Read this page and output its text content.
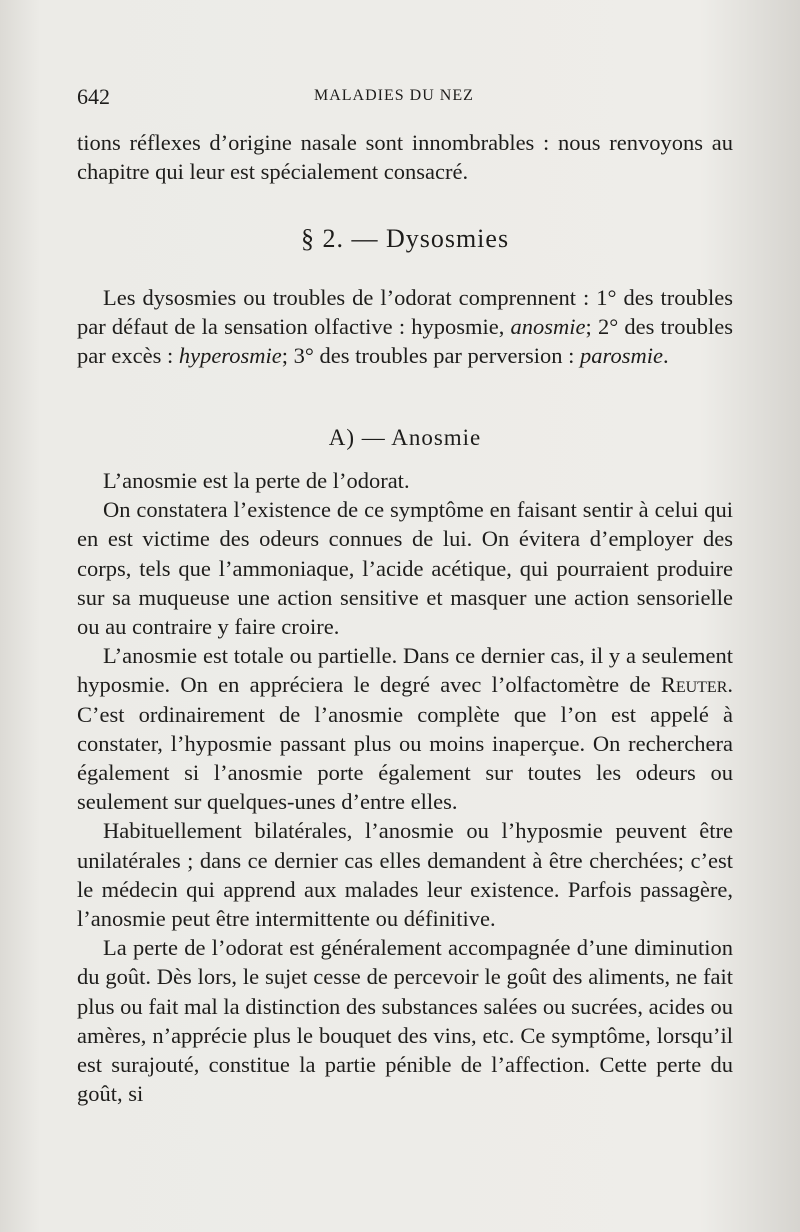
642	MALADIES DU NEZ

tions réflexes d’origine nasale sont innombrables : nous renvoyons au chapitre qui leur est spécialement consacré.

§ 2. — Dysosmies

Les dysosmies ou troubles de l’odorat comprennent : 1° des troubles par défaut de la sensation olfactive : hyposmie, anosmie; 2° des troubles par excès : hyperosmie; 3° des troubles par perversion : parosmie.

A) — Anosmie

L’anosmie est la perte de l’odorat.

On constatera l’existence de ce symptôme en faisant sentir à celui qui en est victime des odeurs connues de lui. On évitera d’employer des corps, tels que l’ammoniaque, l’acide acétique, qui pourraient produire sur sa muqueuse une action sensitive et masquer une action sensorielle ou au contraire y faire croire.

L’anosmie est totale ou partielle. Dans ce dernier cas, il y a seulement hyposmie. On en appréciera le degré avec l’olfactomètre de Reuter. C’est ordinairement de l’anosmie complète que l’on est appelé à constater, l’hyposmie passant plus ou moins inaperçue. On recherchera également si l’anosmie porte également sur toutes les odeurs ou seulement sur quelques-unes d’entre elles.

Habituellement bilatérales, l’anosmie ou l’hyposmie peuvent être unilatérales ; dans ce dernier cas elles demandent à être cherchées; c’est le médecin qui apprend aux malades leur existence. Parfois passagère, l’anosmie peut être intermittente ou définitive.

La perte de l’odorat est généralement accompagnée d’une diminution du goût. Dès lors, le sujet cesse de percevoir le goût des aliments, ne fait plus ou fait mal la distinction des substances salées ou sucrées, acides ou amères, n’apprécie plus le bouquet des vins, etc. Ce symptôme, lorsqu’il est surajouté, constitue la partie pénible de l’affection. Cette perte du goût, si
